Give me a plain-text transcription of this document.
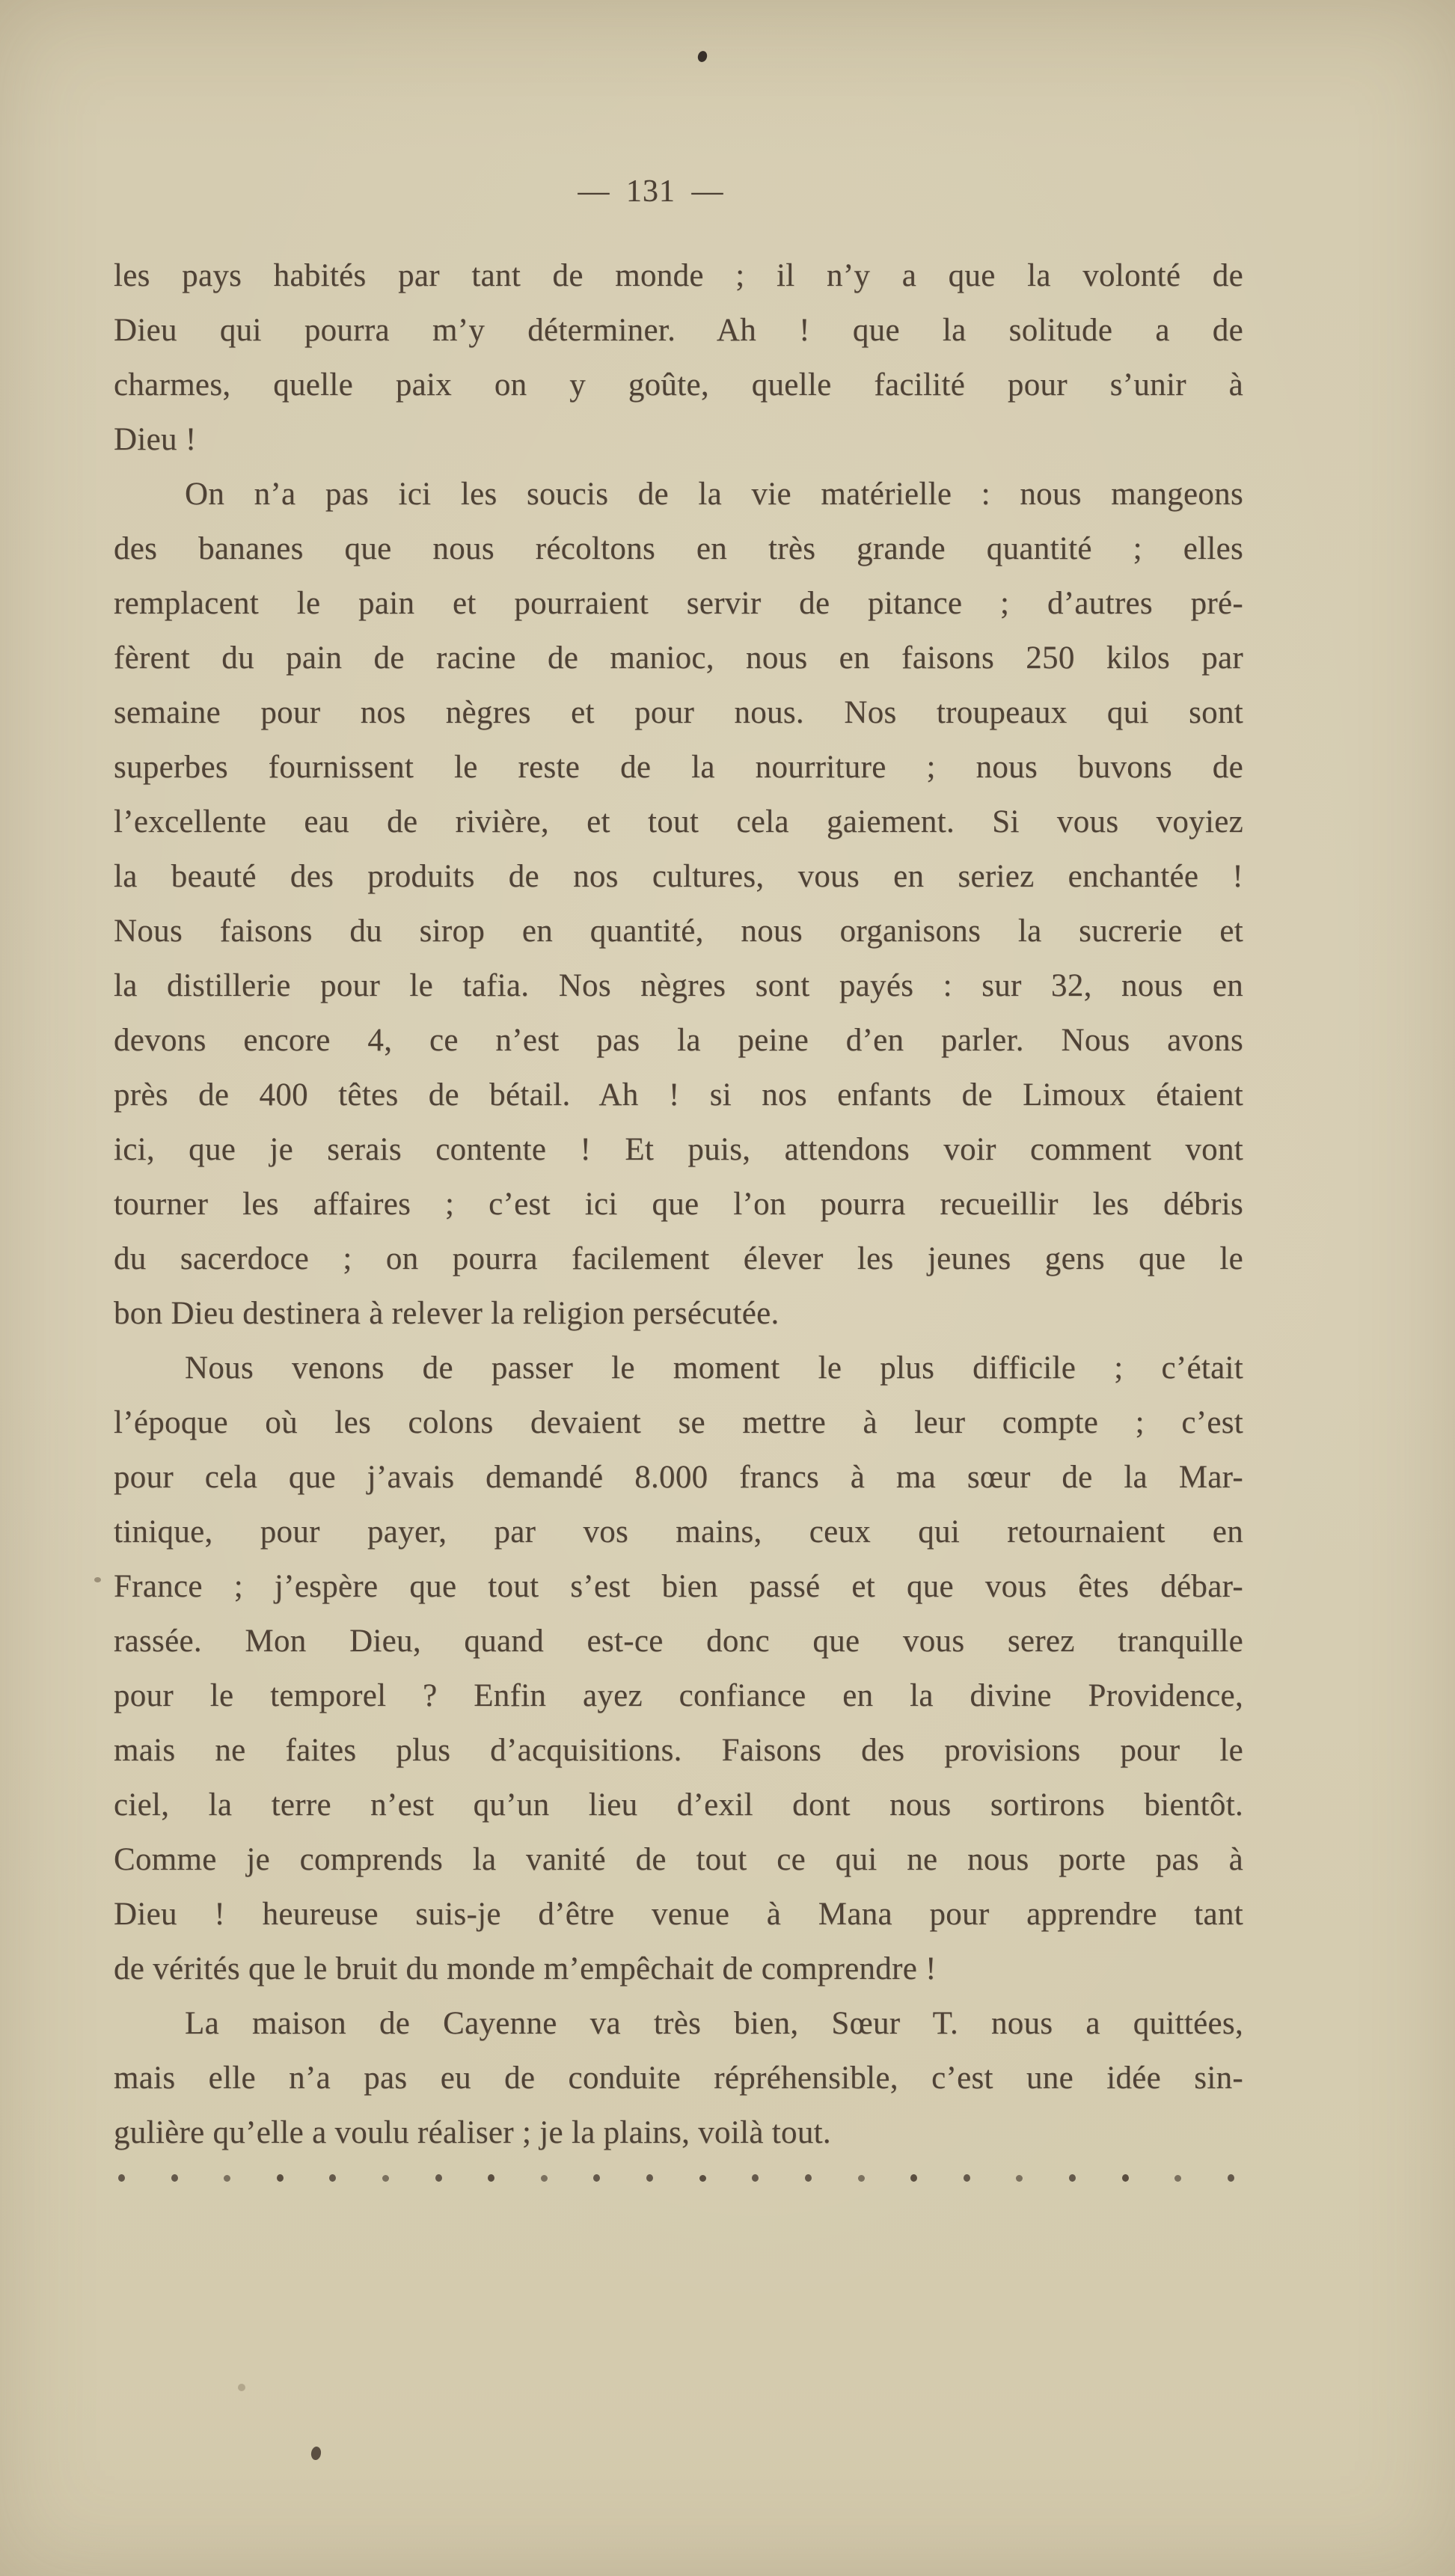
— 131 —
les pays habités par tant de monde ; il n’y a que la volonté de
Dieu qui pourra m’y déterminer. Ah ! que la solitude a de
charmes, quelle paix on y goûte, quelle facilité pour s’unir à
Dieu !
On n’a pas ici les soucis de la vie matérielle : nous mangeons
des bananes que nous récoltons en très grande quantité ; elles
remplacent le pain et pourraient servir de pitance ; d’autres pré-
fèrent du pain de racine de manioc, nous en faisons 250 kilos par
semaine pour nos nègres et pour nous. Nos troupeaux qui sont
superbes fournissent le reste de la nourriture ; nous buvons de
l’excellente eau de rivière, et tout cela gaiement. Si vous voyiez
la beauté des produits de nos cultures, vous en seriez enchantée !
Nous faisons du sirop en quantité, nous organisons la sucrerie et
la distillerie pour le tafia. Nos nègres sont payés : sur 32, nous en
devons encore 4, ce n’est pas la peine d’en parler. Nous avons
près de 400 têtes de bétail. Ah ! si nos enfants de Limoux étaient
ici, que je serais contente ! Et puis, attendons voir comment vont
tourner les affaires ; c’est ici que l’on pourra recueillir les débris
du sacerdoce ; on pourra facilement élever les jeunes gens que le
bon Dieu destinera à relever la religion persécutée.
Nous venons de passer le moment le plus difficile ; c’était
l’époque où les colons devaient se mettre à leur compte ; c’est
pour cela que j’avais demandé 8.000 francs à ma sœur de la Mar-
tinique, pour payer, par vos mains, ceux qui retournaient en
France ; j’espère que tout s’est bien passé et que vous êtes débar-
rassée. Mon Dieu, quand est-ce donc que vous serez tranquille
pour le temporel ? Enfin ayez confiance en la divine Providence,
mais ne faites plus d’acquisitions. Faisons des provisions pour le
ciel, la terre n’est qu’un lieu d’exil dont nous sortirons bientôt.
Comme je comprends la vanité de tout ce qui ne nous porte pas à
Dieu ! heureuse suis-je d’être venue à Mana pour apprendre tant
de vérités que le bruit du monde m’empêchait de comprendre !
La maison de Cayenne va très bien, Sœur T. nous a quittées,
mais elle n’a pas eu de conduite répréhensible, c’est une idée sin-
gulière qu’elle a voulu réaliser ; je la plains, voilà tout.
